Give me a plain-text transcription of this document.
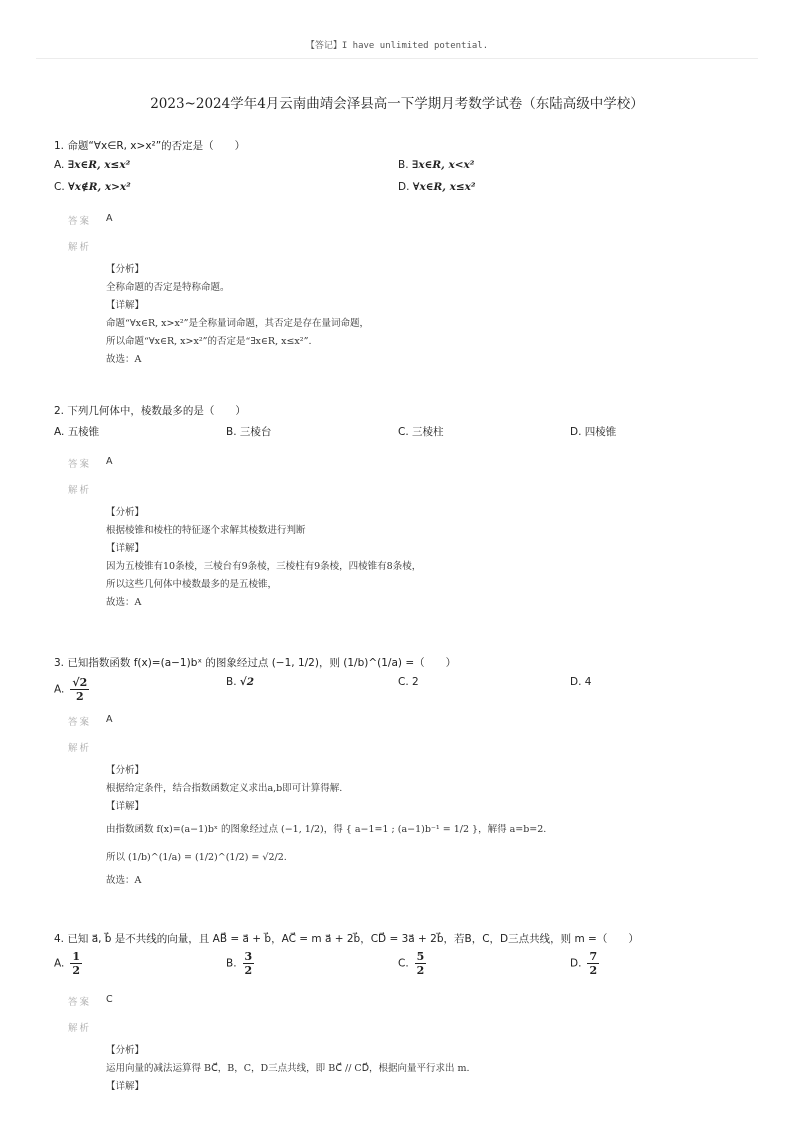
【答记】I have unlimited potential.
2023~2024学年4月云南曲靖会泽县高一下学期月考数学试卷（东陆高级中学校）
1. 命题“∀x∈R, x>x²”的否定是（　　）
A. ∃x∈R, x≤x²	B. ∃x∈R, x<x²
C. ∀x∉R, x>x²	D. ∀x∈R, x≤x²
答案 A
解析
【分析】
全称命题的否定是特称命题。
【详解】
命题“∀x∈R, x>x²”是全称量词命题，其否定是存在量词命题，
所以命题“∀x∈R, x>x²”的否定是“∃x∈R, x≤x²”.
故选：A
2. 下列几何体中，棱数最多的是（　　）
A. 五棱锥	B. 三棱台	C. 三棱柱	D. 四棱锥
答案 A
解析
【分析】
根据棱锥和棱柱的特征逐个求解其棱数进行判断
【详解】
因为五棱锥有10条棱，三棱台有9条棱，三棱柱有9条棱，四棱锥有8条棱，
所以这些几何体中棱数最多的是五棱锥，
故选：A
3. 已知指数函数 f(x)=(a−1)bˣ 的图象经过点 (−1, 1/2)，则 (1/b)^(1/a) =（　　）
A. $\frac{√2}{2}$	B. √2	C. 2	D. 4
答案 A
解析
【分析】
根据给定条件，结合指数函数定义求出a,b即可计算得解.
【详解】
由指数函数 f(x)=(a−1)bˣ 的图象经过点 (−1, 1/2)，得 { a−1=1 ; (a−1)b⁻¹ = 1/2 }，解得 a=b=2.
所以 (1/b)^(1/a) = (1/2)^(1/2) = √2/2.
故选：A
4. 已知 a⃗, b⃗ 是不共线的向量，且 AB⃗ = a⃗ + b⃗，AC⃗ = m a⃗ + 2b⃗，CD⃗ = 3a⃗ + 2b⃗，若B，C，D三点共线，则 m =（　　）
A. $\frac{1}{2}$	B. $\frac{3}{2}$	C. $\frac{5}{2}$	D. $\frac{7}{2}$
答案 C
解析
【分析】
运用向量的减法运算得 BC⃗，B，C，D三点共线，即 BC⃗ // CD⃗，根据向量平行求出 m.
【详解】
